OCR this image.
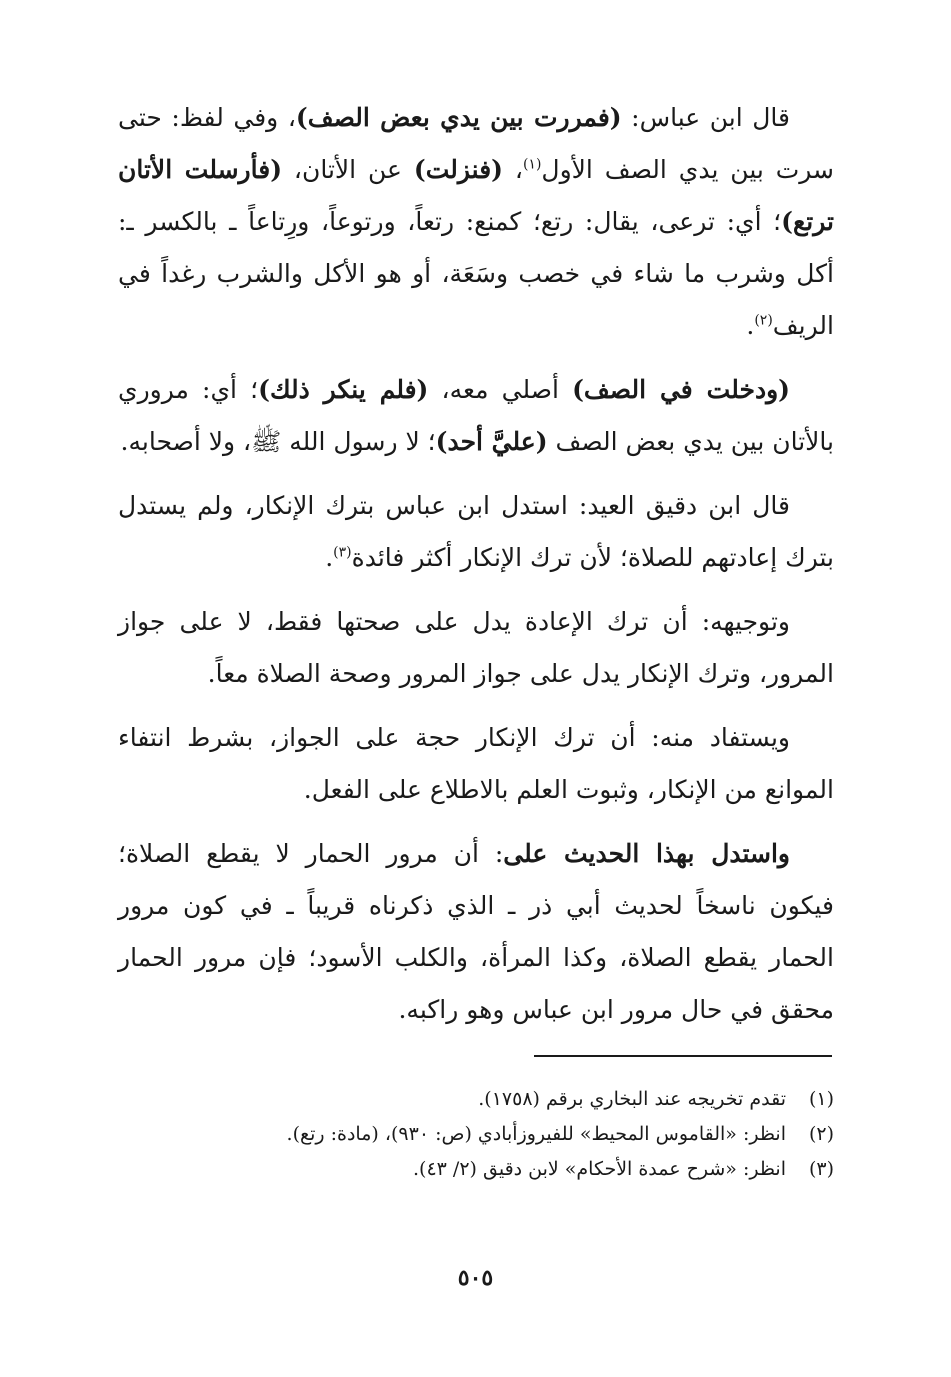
قال ابن عباس: (فمررت بين يدي بعض الصف)، وفي لفظ: حتى سرت بين يدي الصف الأول$^{(١)}$، (فنزلت) عن الأتان، (فأرسلت الأتان ترتع)؛ أي: ترعى، يقال: رتع؛ كمنع: رتعاً، ورتوعاً، ورِتاعاً ـ بالكسر ـ: أكل وشرب ما شاء في خصب وسَعَة، أو هو الأكل والشرب رغداً في الريف$^{(٢)}$.

(ودخلت في الصف) أصلي معه، (فلم ينكر ذلك)؛ أي: مروري بالأتان بين يدي بعض الصف (عليَّ أحد)؛ لا رسول الله ﷺ، ولا أصحابه.

قال ابن دقيق العيد: استدل ابن عباس بترك الإنكار، ولم يستدل بترك إعادتهم للصلاة؛ لأن ترك الإنكار أكثر فائدة$^{(٣)}$.

وتوجيهه: أن ترك الإعادة يدل على صحتها فقط، لا على جواز المرور، وترك الإنكار يدل على جواز المرور وصحة الصلاة معاً.

ويستفاد منه: أن ترك الإنكار حجة على الجواز، بشرط انتفاء الموانع من الإنكار، وثبوت العلم بالاطلاع على الفعل.

واستدل بهذا الحديث على: أن مرور الحمار لا يقطع الصلاة؛ فيكون ناسخاً لحديث أبي ذر ـ الذي ذكرناه قريباً ـ في كون مرور الحمار يقطع الصلاة، وكذا المرأة، والكلب الأسود؛ فإن مرور الحمار محقق في حال مرور ابن عباس وهو راكبه.

(١)تقدم تخريجه عند البخاري برقم (١٧٥٨).
(٢)انظر: «القاموس المحيط» للفيروزأبادي (ص: ٩٣٠)، (مادة: رتع).
(٣)انظر: «شرح عمدة الأحكام» لابن دقيق (٢/ ٤٣).
٥٠٥
